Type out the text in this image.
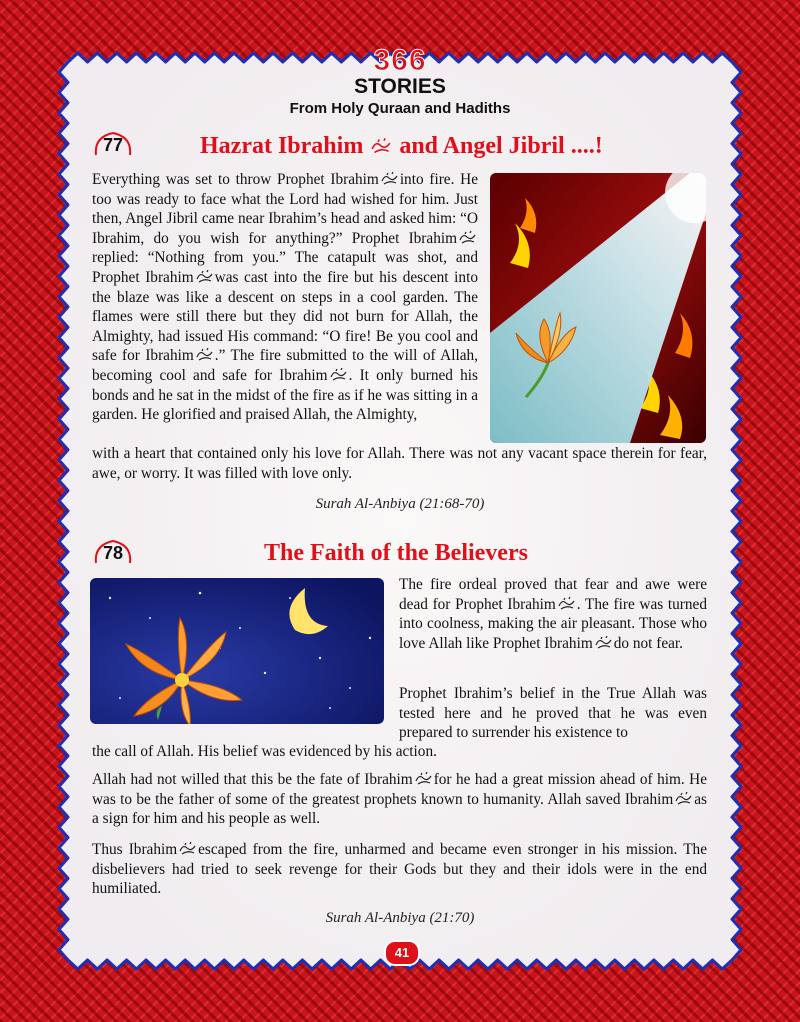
366
STORIES
From Holy Quraan and Hadiths
77	Hazrat Ibrahim and Angel Jibril ....!
Everything was set to throw Prophet Ibrahim into fire. He too was ready to face what the Lord had wished for him. Just then, Angel Jibril came near Ibrahim’s head and asked him: “O Ibrahim, do you wish for anything?” Prophet Ibrahimreplied: “Nothing from you.” The catapult was shot, and Prophet Ibrahim was cast into the fire but his descent into the blaze was like a descent on steps in a cool garden. The flames were still there but they did not burn for Allah, the Almighty, had issued His command: “O fire! Be you cool and safe for Ibrahim .” The fire submitted to the will of Allah, becoming cool and safe for Ibrahim . It only burned his bonds and he sat in the midst of the fire as if he was sitting in a garden. He glorified and praised Allah, the Almighty,
with a heart that contained only his love for Allah. There was not any vacant space therein for fear, awe, or worry. It was filled with love only.
Surah Al-Anbiya (21:68-70)
78	The Faith of the Believers
The fire ordeal proved that fear and awe were dead for Prophet Ibrahim . The fire was turned into coolness, making the air pleasant. Those who love Allah like Prophet Ibrahim do not fear.
Prophet Ibrahim’s belief in the True Allah was tested here and he proved that he was even prepared to surrender his existence to
the call of Allah. His belief was evidenced by his action.
Allah had not willed that this be the fate of Ibrahim for he had a great mission ahead of him. He was to be the father of some of the greatest prophets known to humanity. Allah saved Ibrahim as a sign for him and his people as well.
Thus Ibrahim escaped from the fire, unharmed and became even stronger in his mission. The disbelievers had tried to seek revenge for their Gods but they and their idols were in the end humiliated.
Surah Al-Anbiya (21:70)
41
